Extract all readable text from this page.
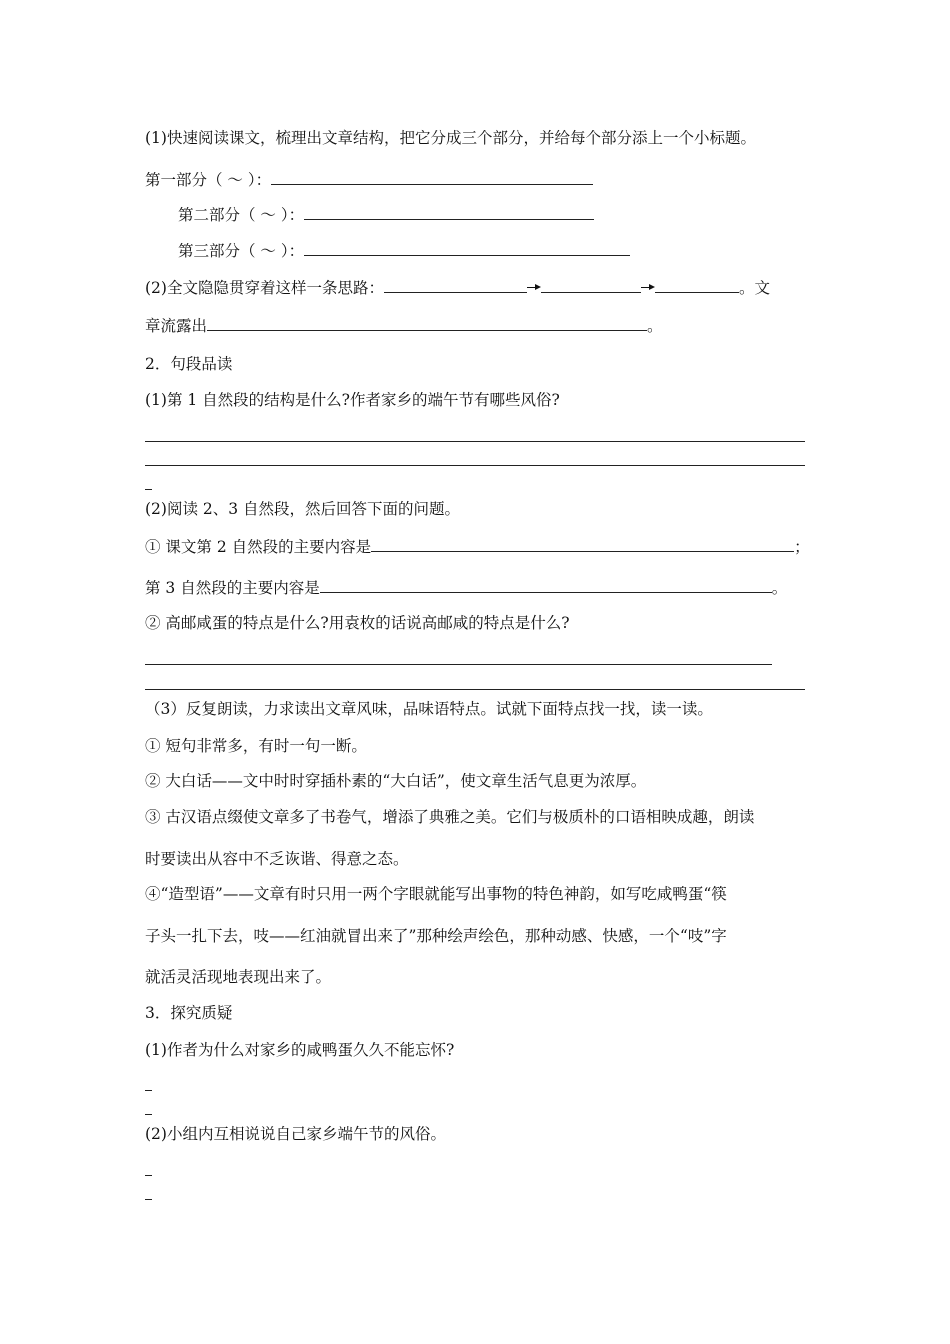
(1)快速阅读课文，梳理出文章结构，把它分成三个部分，并给每个部分添上一个小标题。
第一部分（ ～ ）：
第二部分（ ～ ）：
第三部分（ ～ ）：
(2)全文隐隐贯穿着这样一条思路：	。文
章流露出	。
2．句段品读
(1)第 1 自然段的结构是什么?作者家乡的端午节有哪些风俗?
(2)阅读 2、3 自然段，然后回答下面的问题。
① 课文第 2 自然段的主要内容是	；
第 3 自然段的主要内容是	。
② 高邮咸蛋的特点是什么?用袁枚的话说高邮咸的特点是什么?
（3）反复朗读，力求读出文章风味，品味语特点。试就下面特点找一找，读一读。
① 短句非常多，有时一句一断。
② 大白话——文中时时穿插朴素的“大白话”，使文章生活气息更为浓厚。
③ 古汉语点缀使文章多了书卷气，增添了典雅之美。它们与极质朴的口语相映成趣，朗读
时要读出从容中不乏诙谐、得意之态。
④“造型语”——文章有时只用一两个字眼就能写出事物的特色神韵，如写吃咸鸭蛋“筷
子头一扎下去，吱——红油就冒出来了”那种绘声绘色，那种动感、快感，一个“吱”字
就活灵活现地表现出来了。
3．探究质疑
(1)作者为什么对家乡的咸鸭蛋久久不能忘怀?
(2)小组内互相说说自己家乡端午节的风俗。
